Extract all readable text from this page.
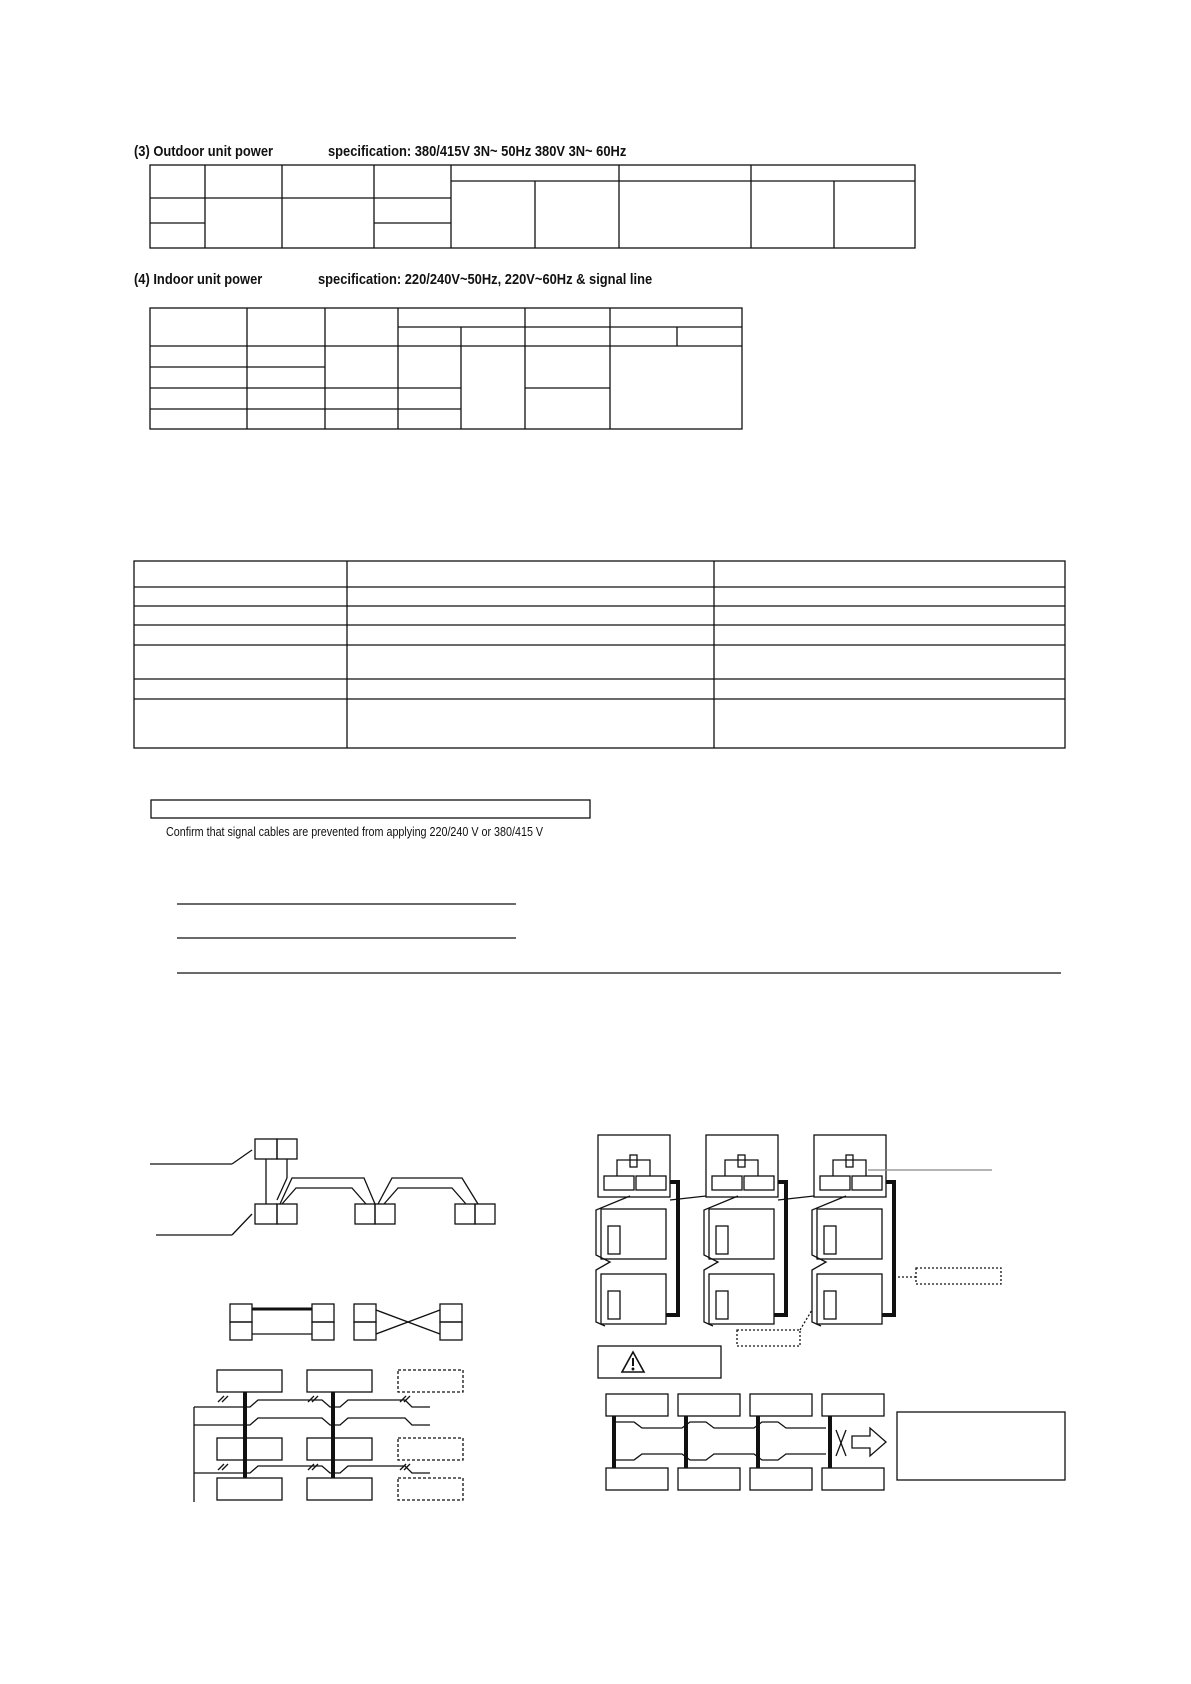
(3) Outdoor unit power	specification: 380/415V 3N~ 50Hz 380V 3N~ 60Hz
(4) Indoor unit power	specification: 220/240V~50Hz, 220V~60Hz & signal line
Confirm that signal cables are prevented from applying 220/240 V or 380/415 V
